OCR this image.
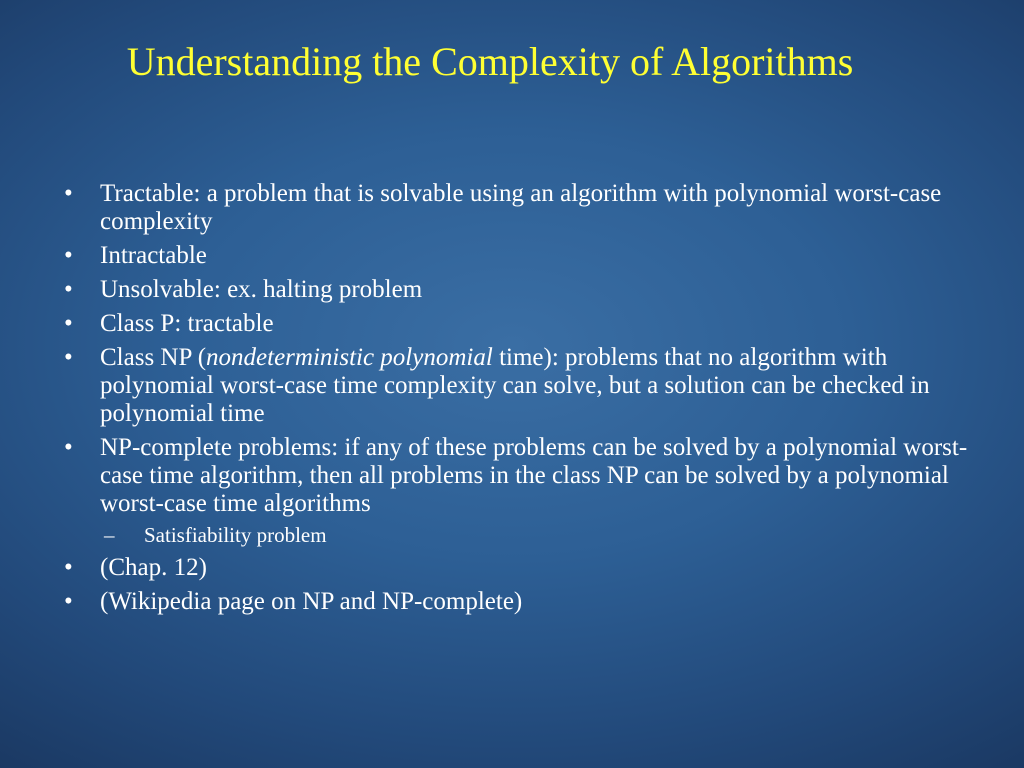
Understanding the Complexity of Algorithms
• Tractable: a problem that is solvable using an algorithm with polynomial worst-case complexity
• Intractable
• Unsolvable: ex. halting problem
• Class P: tractable
• Class NP (nondeterministic polynomial time): problems that no algorithm with polynomial worst-case time complexity can solve, but a solution can be checked in polynomial time
• NP-complete problems: if any of these problems can be solved by a polynomial worst-case time algorithm, then all problems in the class NP can be solved by a polynomial worst-case time algorithms
– Satisfiability problem
• (Chap. 12)
• (Wikipedia page on NP and NP-complete)
